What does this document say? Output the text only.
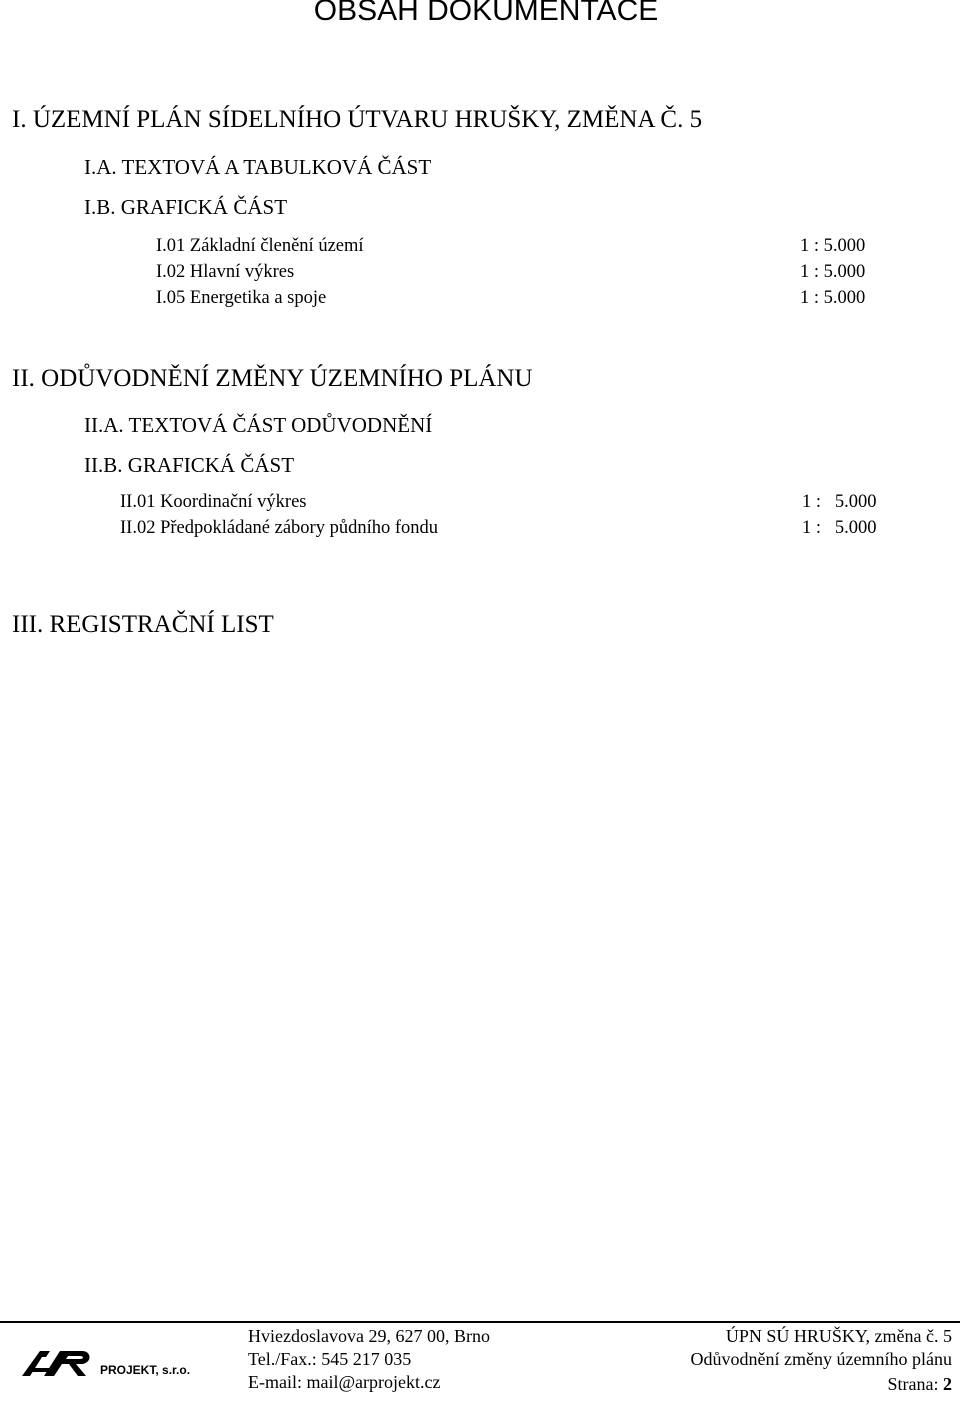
OBSAH DOKUMENTACE
I. ÚZEMNÍ PLÁN SÍDELNÍHO ÚTVARU HRUŠKY, ZMĚNA Č. 5
I.A. TEXTOVÁ A TABULKOVÁ ČÁST
I.B. GRAFICKÁ ČÁST
I.01 Základní členění území	1 : 5.000
I.02 Hlavní výkres	1 : 5.000
I.05 Energetika a spoje	1 : 5.000
II. ODŮVODNĚNÍ ZMĚNY ÚZEMNÍHO PLÁNU
II.A. TEXTOVÁ ČÁST ODŮVODNĚNÍ
II.B. GRAFICKÁ ČÁST
II.01 Koordinační výkres	1 :   5.000
II.02 Předpokládané zábory půdního fondu	1 :   5.000
III. REGISTRAČNÍ LIST
PROJEKT, s.r.o.
Hviezdoslavova 29, 627 00, Brno
Tel./Fax.: 545 217 035
E-mail: mail@arprojekt.cz
ÚPN SÚ HRUŠKY, změna č. 5
Odůvodnění změny územního plánu
Strana: 2
